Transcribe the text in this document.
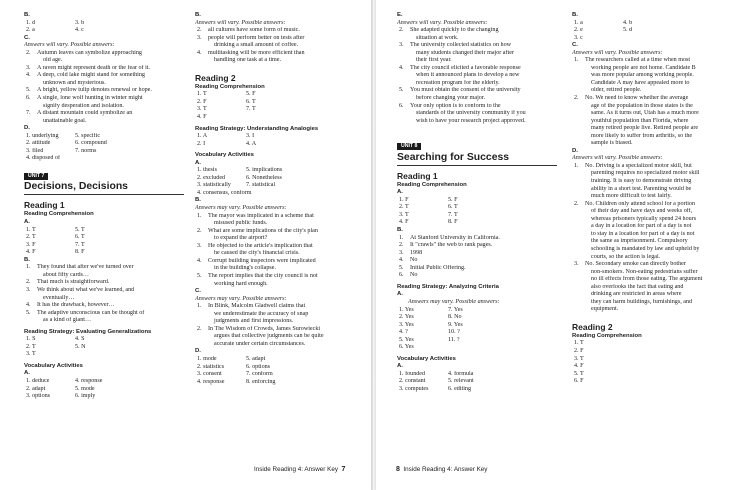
B.
1. d	3. b
2. a	4. c
C.
Answers will vary. Possible answers:
2. Autumn leaves can symbolize approaching
old age.
3. A raven might represent death or the fear of it.
4. A deep, cold lake might stand for something
unknown and mysterious.
5. A bright, yellow tulip denotes renewal or hope.
6. A single, lone wolf hunting in winter might
signify desperation and isolation.
7. A distant mountain could symbolize an
unattainable goal.
D.
1. underlying	5. specific
2. attitude	6. compound
3. filed	7. norms
4. disposed of
UNIT 7
Decisions, Decisions
Reading 1
Reading Comprehension
A.
1. T	5. T
2. T	6. T
3. F	7. T
4. F	8. F
B.
1. They found that after we've turned over
about fifty cards…
2. That much is straightforward.
3. We think about what we've learned, and
eventually…
4. It has the drawback, however…
5. The adaptive unconscious can be thought of
as a kind of giant…
Reading Strategy: Evaluating Generalizations
1. S	4. S
2. T	5. N
3. T
Vocabulary Activities
A.
1. deduce	4. response
2. adapt	5. mode
3. options	6. imply
B.
Answers will vary. Possible answers:
2. all cultures have some form of music.
3. people will perform better on tests after
drinking a small amount of coffee.
4. multitasking will be more efficient than
handling one task at a time.
Reading 2
Reading Comprehension
1. T	5. F
2. F	6. T
3. T	7. T
4. F
Reading Strategy: Understanding Analogies
1. A	3. I
2. I	4. A
Vocabulary Activities
A.
1. thesis	5. implications
2. excluded	6. Nonetheless
3. statistically 7. statistical
4. consensus, conform
B.
Answers may vary. Possible answers:
1. The mayor was implicated in a scheme that
misused public funds.
2. What are some implications of the city's plan
to expand the airport?
3. He objected to the article's implication that
he caused the city's financial crisis.
4. Corrupt building inspectors were implicated
in the building's collapse.
5. The report implies that the city council is not
working hard enough.
C.
Answers may vary. Possible answers:
1. In Blink, Malcolm Gladwell claims that
we underestimate the accuracy of snap
judgments and first impressions.
2. In The Wisdom of Crowds, James Surowiecki
argues that collective judgments can be quite
accurate under certain circumstances.
D.
1. mode	5. adapt
2. statistics	6. options
3. consent	7. conform
4. response	8. enforcing
Inside Reading 4: Answer Key 7
E.
Answers will vary. Possible answers:
2. She adapted quickly to the changing
situation at work.
3. The university collected statistics on how
many students changed their major after
their first year.
4. The city council elicited a favorable response
when it announced plans to develop a new
recreation program for the elderly.
5. You must obtain the consent of the university
before changing your major.
6. Your only option is to conform to the
standards of the university community if you
wish to have your research project approved.
UNIT 8
Searching for Success
Reading 1
Reading Comprehension
A.
1. F	5. F
2. T	6. T
3. T	7. T
4. F	8. F
B.
1. At Stanford University in California.
2. It "crawls" the web to rank pages.
3. 1998
4. No
5. Initial Public Offering.
6. No
Reading Strategy: Analyzing Criteria
A.
Answers may vary. Possible answers:
1. Yes	7. Yes
2. Yes	8. No
3. Yes	9. Yes
4. ?	10. ?
5. Yes	11. ?
6. Yes
Vocabulary Activities
A.
1. founded	4. formula
2. constant	5. relevant
3. computes	6. editing
B.
1. a	4. b
2. e	5. d
3. c
C.
Answers will vary. Possible answers:
1. The researchers called at a time when most
working people are not home. Candidate B
was more popular among working people.
Candidate A may have appealed more to
older, retired people.
2. No. We need to know whether the average
age of the population in those states is the
same. As it turns out, Utah has a much more
youthful population than Florida, where
many retired people live. Retired people are
more likely to suffer from arthritis, so the
sample is biased.
D.
Answers will vary. Possible answers:
1. No. Driving is a specialized motor skill, but
parenting requires no specialized motor skill
training. It is easy to demonstrate driving
ability in a short test. Parenting would be
much more difficult to test fairly.
2. No. Children only attend school for a portion
of their day and have days and weeks off,
whereas prisoners typically spend 24 hours
a day in a location for part of a day is not
to stay in a location for part of a day is not
the same as imprisonment. Compulsory
schooling is mandated by law and upheld by
courts, so the action is legal.
3. No. Secondary smoke can directly bother
non-smokers. Non-eating pedestrians suffer
no ill effects from those eating. The argument
also overlooks the fact that eating and
drinking are restricted in areas where
they can harm buildings, furnishings, and
equipment.
Reading 2
Reading Comprehension
1. T
2. F
3. T
4. F
5. T
6. F
8 Inside Reading 4: Answer Key
